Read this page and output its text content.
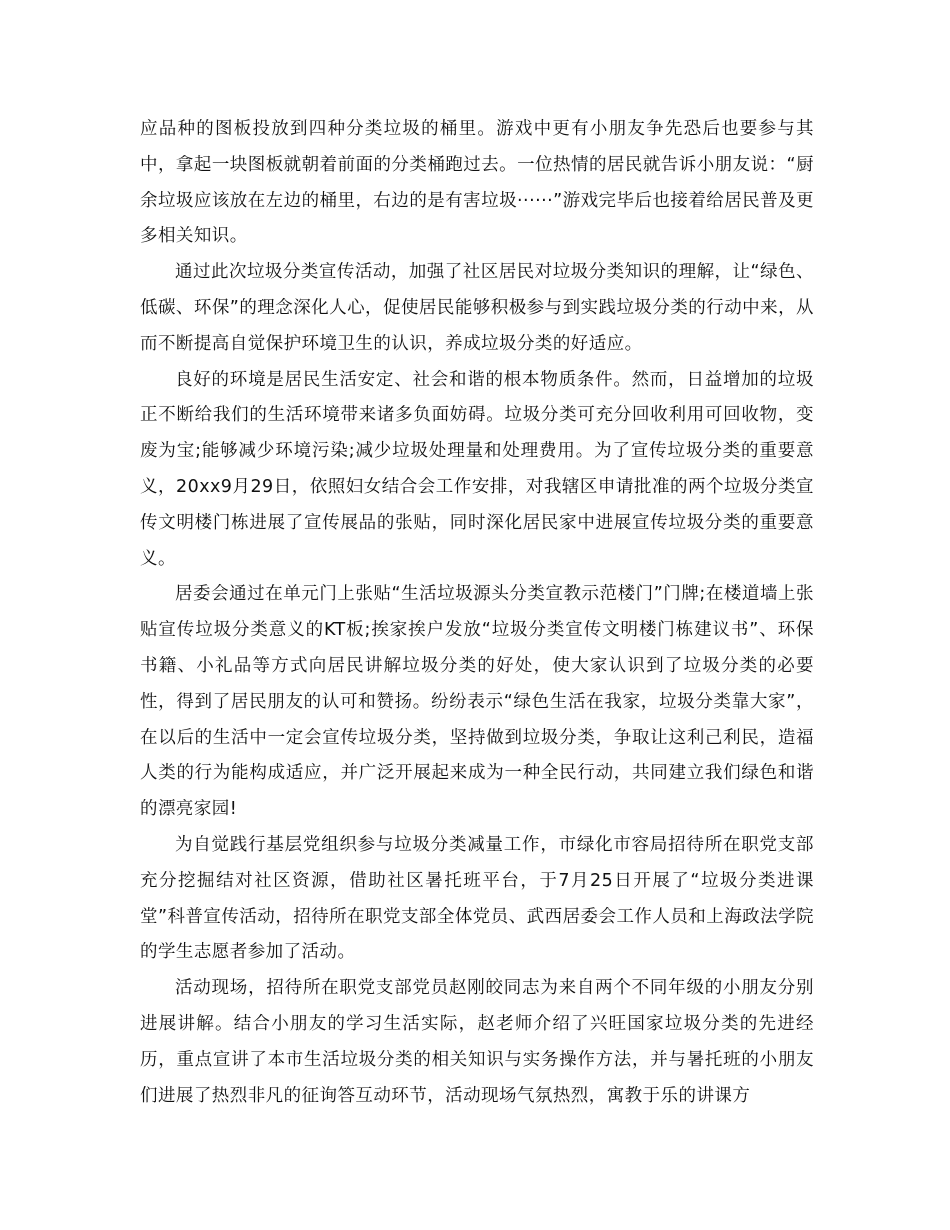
应品种的图板投放到四种分类垃圾的桶里。游戏中更有小朋友争先恐后也要参与其中，拿起一块图板就朝着前面的分类桶跑过去。一位热情的居民就告诉小朋友说：“厨余垃圾应该放在左边的桶里，右边的是有害垃圾······”游戏完毕后也接着给居民普及更多相关知识。

通过此次垃圾分类宣传活动，加强了社区居民对垃圾分类知识的理解，让“绿色、低碳、环保”的理念深化人心，促使居民能够积极参与到实践垃圾分类的行动中来，从而不断提高自觉保护环境卫生的认识，养成垃圾分类的好适应。

良好的环境是居民生活安定、社会和谐的根本物质条件。然而，日益增加的垃圾正不断给我们的生活环境带来诸多负面妨碍。垃圾分类可充分回收利用可回收物，变废为宝;能够减少环境污染;减少垃圾处理量和处理费用。为了宣传垃圾分类的重要意义，20xx9月29日，依照妇女结合会工作安排，对我辖区申请批准的两个垃圾分类宣传文明楼门栋进展了宣传展品的张贴，同时深化居民家中进展宣传垃圾分类的重要意义。

居委会通过在单元门上张贴“生活垃圾源头分类宣教示范楼门”门牌;在楼道墙上张贴宣传垃圾分类意义的KT板;挨家挨户发放“垃圾分类宣传文明楼门栋建议书”、环保书籍、小礼品等方式向居民讲解垃圾分类的好处，使大家认识到了垃圾分类的必要性，得到了居民朋友的认可和赞扬。纷纷表示“绿色生活在我家，垃圾分类靠大家”，在以后的生活中一定会宣传垃圾分类，坚持做到垃圾分类，争取让这利己利民，造福人类的行为能构成适应，并广泛开展起来成为一种全民行动，共同建立我们绿色和谐的漂亮家园!

为自觉践行基层党组织参与垃圾分类减量工作，市绿化市容局招待所在职党支部充分挖掘结对社区资源，借助社区暑托班平台，于7月25日开展了“垃圾分类进课堂”科普宣传活动，招待所在职党支部全体党员、武西居委会工作人员和上海政法学院的学生志愿者参加了活动。

活动现场，招待所在职党支部党员赵刚皎同志为来自两个不同年级的小朋友分别进展讲解。结合小朋友的学习生活实际，赵老师介绍了兴旺国家垃圾分类的先进经历，重点宣讲了本市生活垃圾分类的相关知识与实务操作方法，并与暑托班的小朋友们进展了热烈非凡的征询答互动环节，活动现场气氛热烈，寓教于乐的讲课方
